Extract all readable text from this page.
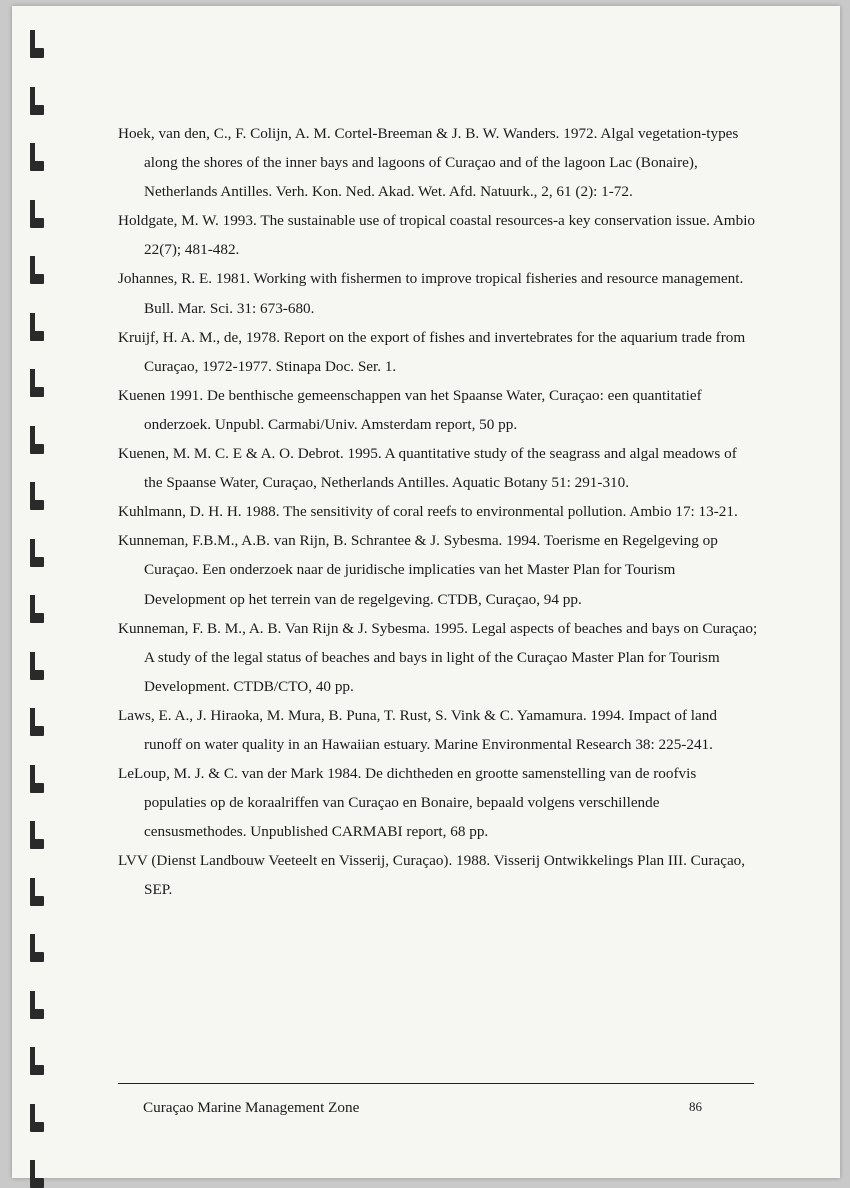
Hoek, van den, C., F. Colijn, A. M. Cortel-Breeman & J. B. W. Wanders. 1972. Algal vegetation-types along the shores of the inner bays and lagoons of Curaçao and of the lagoon Lac (Bonaire), Netherlands Antilles. Verh. Kon. Ned. Akad. Wet. Afd. Natuurk., 2, 61 (2): 1-72.

Holdgate, M. W. 1993. The sustainable use of tropical coastal resources-a key conservation issue. Ambio 22(7); 481-482.

Johannes, R. E. 1981. Working with fishermen to improve tropical fisheries and resource management. Bull. Mar. Sci. 31: 673-680.

Kruijf, H. A. M., de, 1978. Report on the export of fishes and invertebrates for the aquarium trade from Curaçao, 1972-1977. Stinapa Doc. Ser. 1.

Kuenen 1991. De benthische gemeenschappen van het Spaanse Water, Curaçao: een quantitatief onderzoek. Unpubl. Carmabi/Univ. Amsterdam report, 50 pp.

Kuenen, M. M. C. E & A. O. Debrot. 1995. A quantitative study of the seagrass and algal meadows of the Spaanse Water, Curaçao, Netherlands Antilles. Aquatic Botany 51: 291-310.

Kuhlmann, D. H. H. 1988. The sensitivity of coral reefs to environmental pollution. Ambio 17: 13-21.

Kunneman, F.B.M., A.B. van Rijn, B. Schrantee & J. Sybesma. 1994. Toerisme en Regelgeving op Curaçao. Een onderzoek naar de juridische implicaties van het Master Plan for Tourism Development op het terrein van de regelgeving. CTDB, Curaçao, 94 pp.

Kunneman, F. B. M., A. B. Van Rijn & J. Sybesma. 1995. Legal aspects of beaches and bays on Curaçao; A study of the legal status of beaches and bays in light of the Curaçao Master Plan for Tourism Development. CTDB/CTO, 40 pp.

Laws, E. A., J. Hiraoka, M. Mura, B. Puna, T. Rust, S. Vink & C. Yamamura. 1994. Impact of land runoff on water quality in an Hawaiian estuary. Marine Environmental Research 38: 225-241.

LeLoup, M. J. & C. van der Mark 1984. De dichtheden en grootte samenstelling van de roofvis populaties op de koraalriffen van Curaçao en Bonaire, bepaald volgens verschillende censusmethodes. Unpublished CARMABI report, 68 pp.

LVV (Dienst Landbouw Veeteelt en Visserij, Curaçao). 1988. Visserij Ontwikkelings Plan III. Curaçao, SEP.

Curaçao Marine Management Zone	86
